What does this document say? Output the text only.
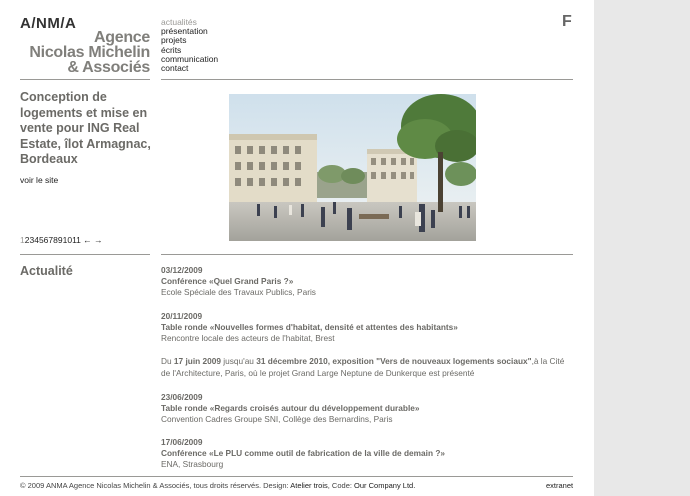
A/NM/A
Agence
Nicolas Michelin
& Associés
actualités
présentation
projets
écrits
communication
contact
F
Conception de logements et mise en vente pour ING Real Estate, îlot Armagnac, Bordeaux
voir le site
1234567891011 ← →
Actualité	03/12/2009
Conférence «Quel Grand Paris ?»
Ecole Spéciale des Travaux Publics, Paris
20/11/2009
Table ronde «Nouvelles formes d'habitat, densité et attentes des habitants»
Rencontre locale des acteurs de l'habitat, Brest
Du 17 juin 2009 jusqu'au 31 décembre 2010, exposition "Vers de nouveaux logements sociaux",à la Cité de l'Architecture, Paris, où le projet Grand Large Neptune de Dunkerque est présenté
23/06/2009
Table ronde «Regards croisés autour du développement durable»
Convention Cadres Groupe SNI, Collège des Bernardins, Paris
17/06/2009
Conférence «Le PLU comme outil de fabrication de la ville de demain ?»
ENA, Strasbourg
© 2009 ANMA Agence Nicolas Michelin & Associés, tous droits réservés. Design: Atelier trois, Code: Our Company Ltd.	extranet
